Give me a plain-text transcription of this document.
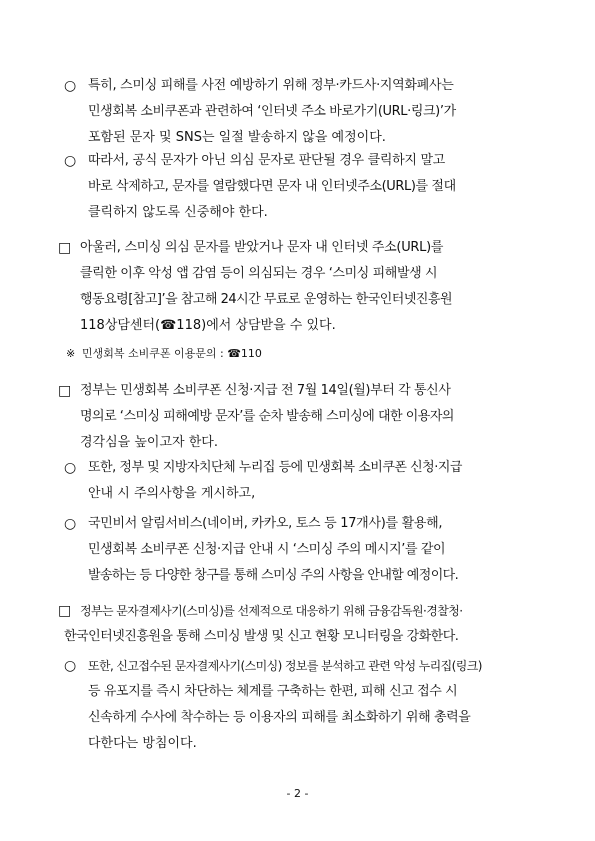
○ 특히, 스미싱 피해를 사전 예방하기 위해 정부·카드사·지역화폐사는
민생회복 소비쿠폰과 관련하여 ‘인터넷 주소 바로가기(URL·링크)’가
포함된 문자 및 SNS는 일절 발송하지 않을 예정이다.
○ 따라서, 공식 문자가 아닌 의심 문자로 판단될 경우 클릭하지 말고
바로 삭제하고, 문자를 열람했다면 문자 내 인터넷주소(URL)를 절대
클릭하지 않도록 신중해야 한다.
□ 아울러, 스미싱 의심 문자를 받았거나 문자 내 인터넷 주소(URL)를
클릭한 이후 악성 앱 감염 등이 의심되는 경우 ‘스미싱 피해발생 시
행동요령[참고]’을 참고해 24시간 무료로 운영하는 한국인터넷진흥원
118상담센터(☎118)에서 상담받을 수 있다.
※ 민생회복 소비쿠폰 이용문의 : ☎110
□ 정부는 민생회복 소비쿠폰 신청·지급 전 7월 14일(월)부터 각 통신사
명의로 ‘스미싱 피해예방 문자’를 순차 발송해 스미싱에 대한 이용자의
경각심을 높이고자 한다.
○ 또한, 정부 및 지방자치단체 누리집 등에 민생회복 소비쿠폰 신청·지급
안내 시 주의사항을 게시하고,
○ 국민비서 알림서비스(네이버, 카카오, 토스 등 17개사)를 활용해,
민생회복 소비쿠폰 신청·지급 안내 시 ‘스미싱 주의 메시지’를 같이
발송하는 등 다양한 창구를 통해 스미싱 주의 사항을 안내할 예정이다.
□ 정부는 문자결제사기(스미싱)를 선제적으로 대응하기 위해 금융감독원·경찰청·
한국인터넷진흥원을 통해 스미싱 발생 및 신고 현황 모니터링을 강화한다.
○ 또한, 신고접수된 문자결제사기(스미싱) 정보를 분석하고 관련 악성 누리집(링크)
등 유포지를 즉시 차단하는 체계를 구축하는 한편, 피해 신고 접수 시
신속하게 수사에 착수하는 등 이용자의 피해를 최소화하기 위해 총력을
다한다는 방침이다.
- 2 -
